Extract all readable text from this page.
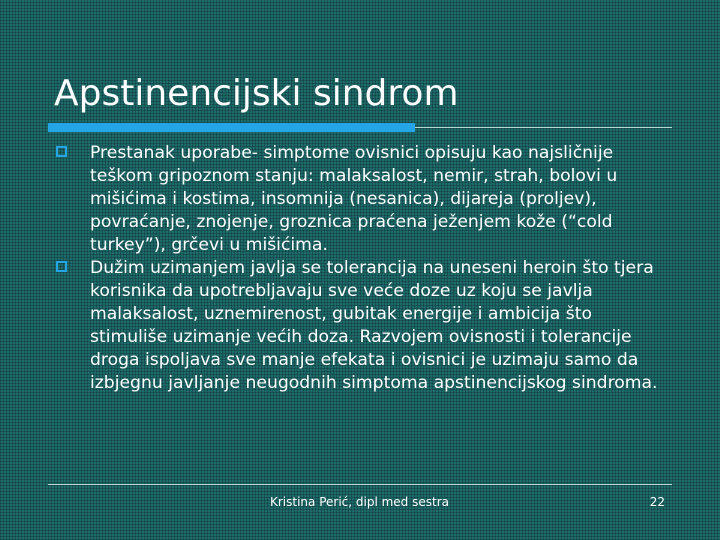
Apstinencijski sindrom
Prestanak uporabe- simptome ovisnici opisuju kao najsličnije teškom gripoznom stanju: malaksalost, nemir, strah, bolovi u mišićima i kostima, insomnija (nesanica), dijareja (proljev), povraćanje, znojenje, groznica praćena ježenjem kože (“cold turkey”), grčevi u mišićima.
Dužim uzimanjem javlja se tolerancija na uneseni heroin što tjera korisnika da upotrebljavaju sve veće doze uz koju se javlja malaksalost, uznemirenost, gubitak energije i ambicija što stimuliše uzimanje većih doza. Razvojem ovisnosti i tolerancije droga ispoljava sve manje efekata i ovisnici je uzimaju samo da izbjegnu javljanje neugodnih simptoma apstinencijskog sindroma.
Kristina Perić, dipl med sestra	22
